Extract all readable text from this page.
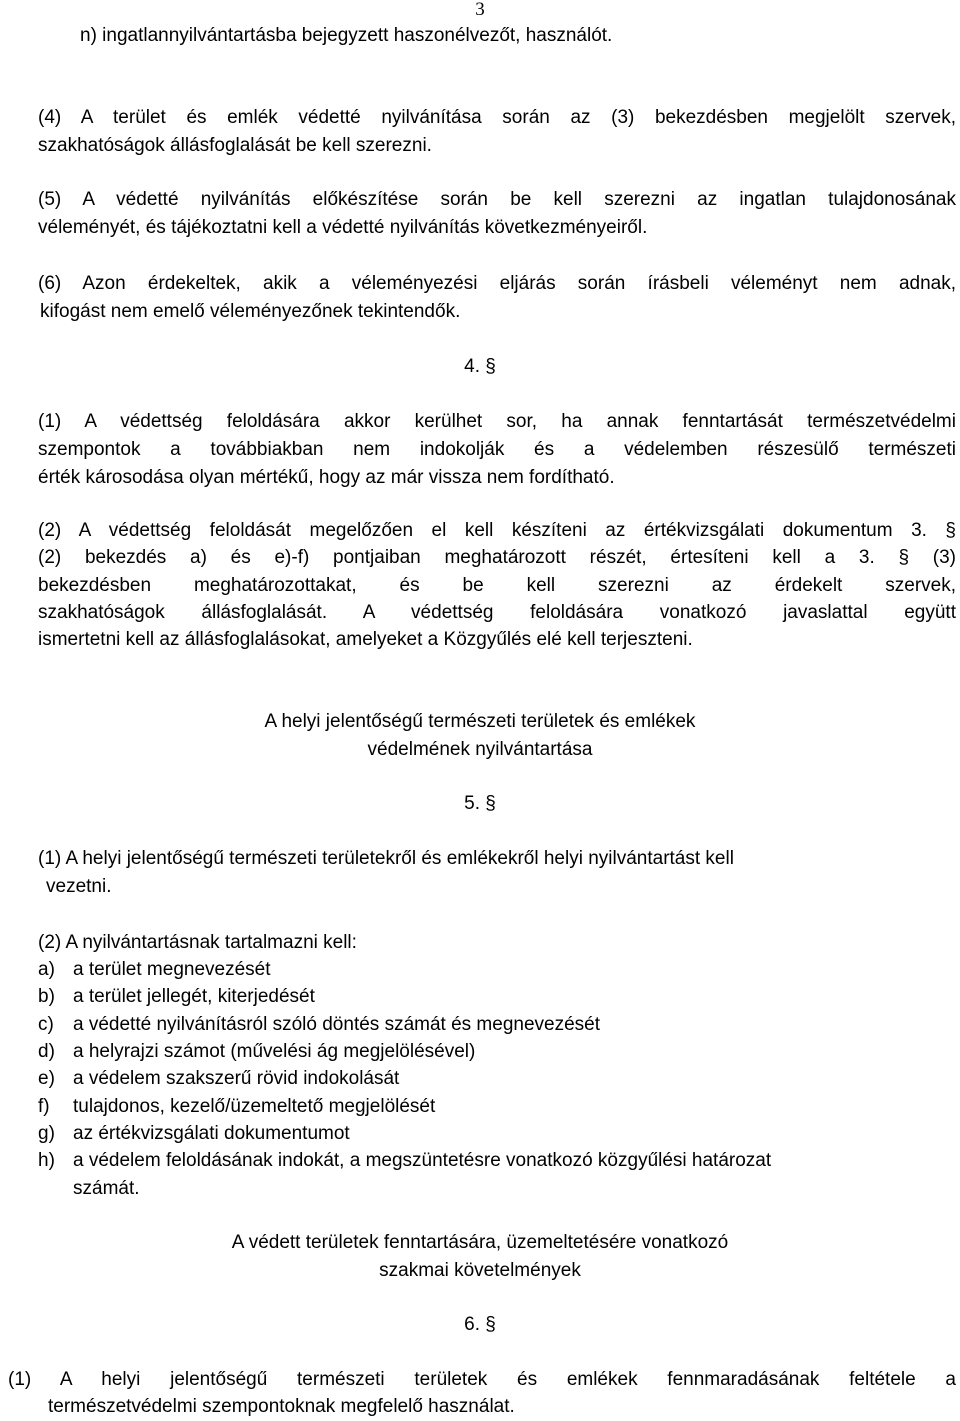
3
n) ingatlannyilvántartásba bejegyzett haszonélvezőt, használót.
(4) A terület és emlék védetté nyilvánítása során az (3) bekezdésben megjelölt szervek,
szakhatóságok állásfoglalását be kell szerezni.
(5) A védetté nyilvánítás előkészítése során be kell szerezni az ingatlan tulajdonosának
véleményét, és tájékoztatni kell a védetté nyilvánítás következményeiről.
(6) Azon érdekeltek, akik a véleményezési eljárás során írásbeli véleményt nem adnak,
kifogást nem emelő véleményezőnek tekintendők.
4. §
(1) A védettség feloldására akkor kerülhet sor, ha annak fenntartását természetvédelmi
szempontok a továbbiakban nem indokolják és a védelemben részesülő természeti
érték károsodása olyan mértékű, hogy az már vissza nem fordítható.
(2) A védettség feloldását megelőzően el kell készíteni az értékvizsgálati dokumentum 3. §
(2) bekezdés a) és e)-f) pontjaiban meghatározott részét, értesíteni kell a 3. § (3)
bekezdésben meghatározottakat, és be kell szerezni az érdekelt szervek,
szakhatóságok állásfoglalását. A védettség feloldására vonatkozó javaslattal együtt
ismertetni kell az állásfoglalásokat, amelyeket a Közgyűlés elé kell terjeszteni.
A helyi jelentőségű természeti területek és emlékek
védelmének nyilvántartása
5. §
(1) A helyi jelentőségű természeti területekről és emlékekről helyi nyilvántartást kell
vezetni.
(2) A nyilvántartásnak tartalmazni kell:
a) a terület megnevezését
b) a terület jellegét, kiterjedését
c) a védetté nyilvánításról szóló döntés számát és megnevezését
d) a helyrajzi számot (művelési ág megjelölésével)
e) a védelem szakszerű rövid indokolását
f) tulajdonos, kezelő/üzemeltető megjelölését
g) az értékvizsgálati dokumentumot
h) a védelem feloldásának indokát, a megszüntetésre vonatkozó közgyűlési határozat
számát.
A védett területek fenntartására, üzemeltetésére vonatkozó
szakmai követelmények
6. §
(1) A helyi jelentőségű természeti területek és emlékek fennmaradásának feltétele a
természetvédelmi szempontoknak megfelelő használat.
